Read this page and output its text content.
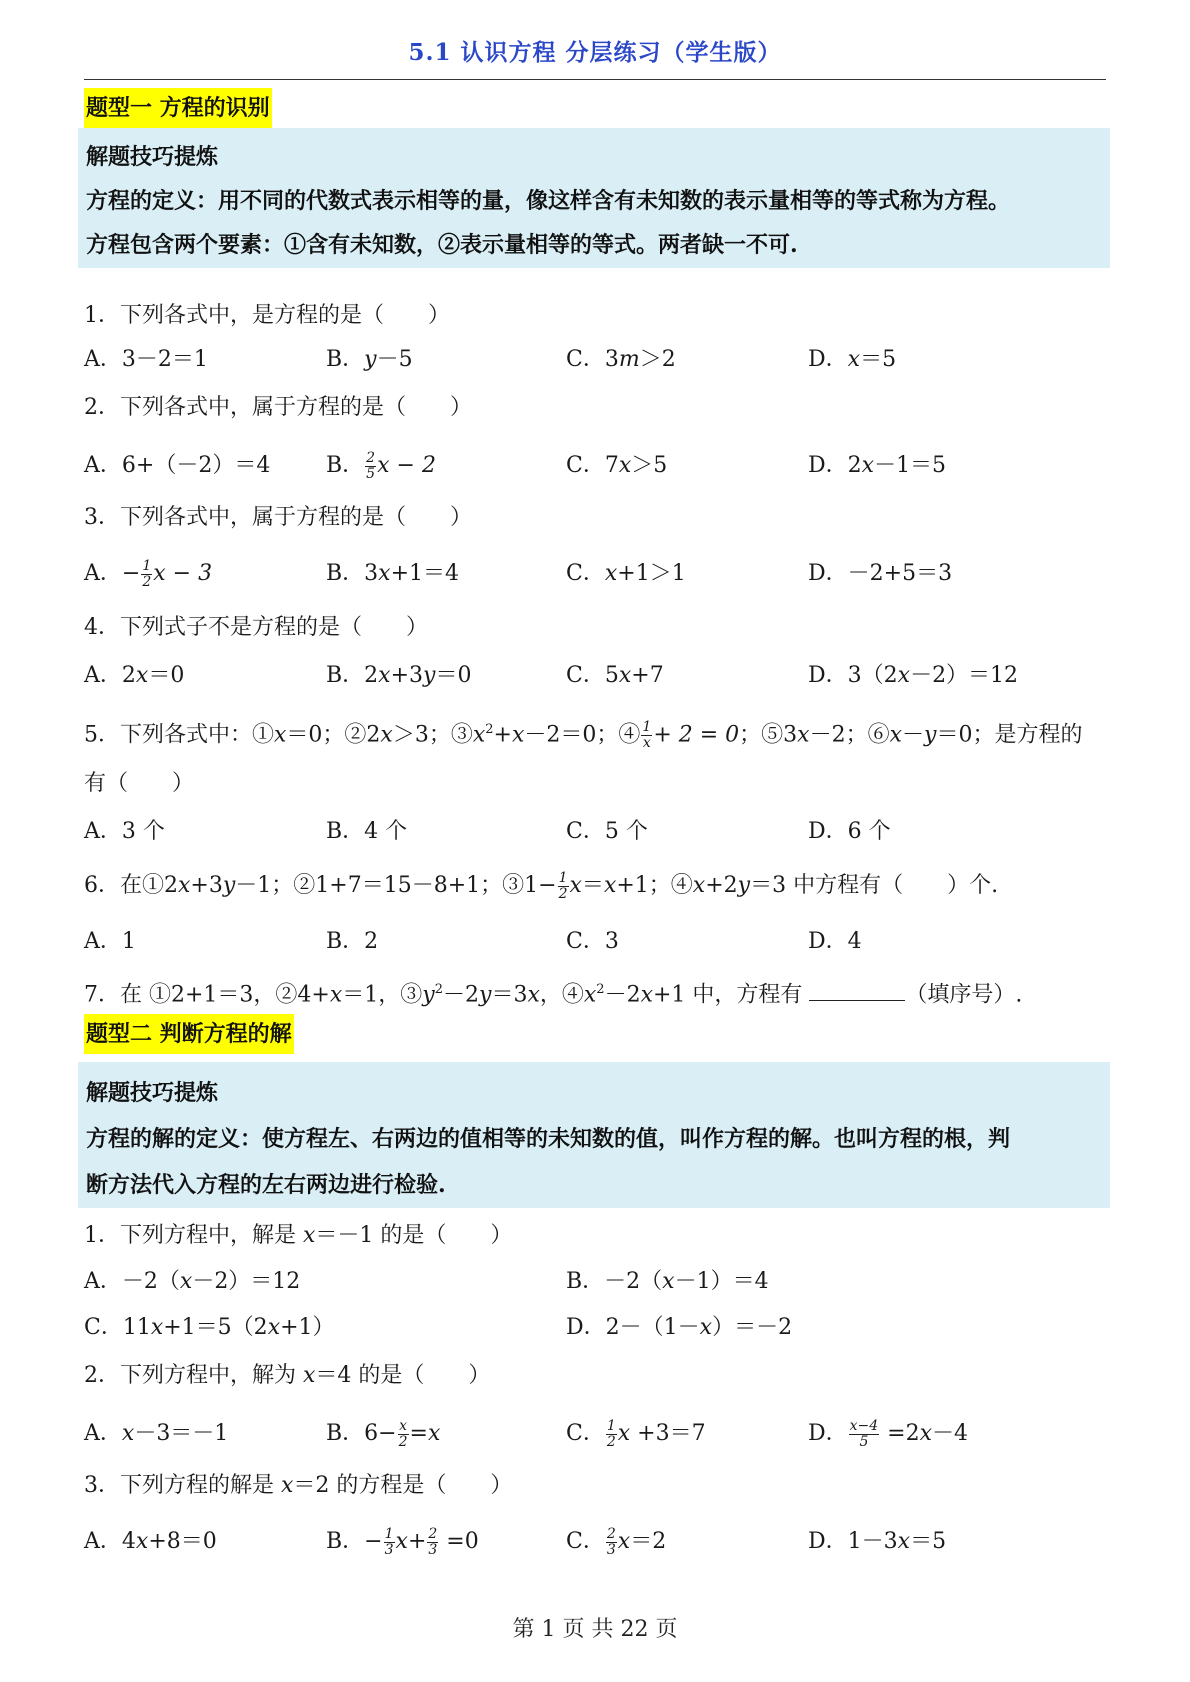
5.1 认识方程 分层练习（学生版）
题型一 方程的识别
解题技巧提炼
方程的定义：用不同的代数式表示相等的量，像这样含有未知数的表示量相等的等式称为方程。
方程包含两个要素：①含有未知数，②表示量相等的等式。两者缺一不可.
1．下列各式中，是方程的是（　　）
A．3－2＝1	B．y－5	C．3m＞2	D．x＝5
2．下列各式中，属于方程的是（　　）
A．6+（－2）＝4	B． $\frac{2}{5}$ x − 2	C．7x＞5	D．2x－1＝5
3．下列各式中，属于方程的是（　　）
A．− $\frac{1}{2}$ x − 3	B．3x+1＝4	C．x+1＞1	D．－2+5＝3
4．下列式子不是方程的是（　　）
A．2x＝0	B．2x+3y＝0	C．5x+7	D．3（2x－2）＝12
5．下列各式中：①x＝0；②2x＞3；$③x^2+x-2=0$；④ $\frac{1}{x} + 2 = 0$；⑤3x－2；⑥x－y＝0；是方程的
有（　　）
A．3 个	B．4 个	C．5 个	D．6 个
6．在①2x+3y－1；②1+7＝15－8+1；③1− $\frac{1}{2} x=x+1$；④x+2y＝3 中方程有（　　）个.
A．1	B．2	C．3	D．4
7．在 ①2+1＝3，②4+x＝1，$③y^2-2y=3x$，$④x^2-2x+1$ 中，方程有	（填序号）.
题型二 判断方程的解
解题技巧提炼
方程的解的定义：使方程左、右两边的值相等的未知数的值，叫作方程的解。也叫方程的根，判
断方法代入方程的左右两边进行检验.
1．下列方程中，解是 x＝－1 的是（　　）
A．－2（x－2）＝12	B．－2（x－1）＝4
C．11x+1＝5（2x+1）	D．2－（1－x）＝－2
2．下列方程中，解为 x＝4 的是（　　）
A．x－3＝－1	B．$6- \frac{x}{2} =x$	C． $\frac{1}{2}$ x +3＝7	D． $\frac{x-4}{5} =2x-4$
3．下列方程的解是 x＝2 的方程是（　　）
A．4x+8＝0	B．− $\frac{1}{3} x+ \frac{2}{3} =0$	C． $\frac{2}{3} x=2$	D．1－3x＝5
第 1 页 共 22 页
